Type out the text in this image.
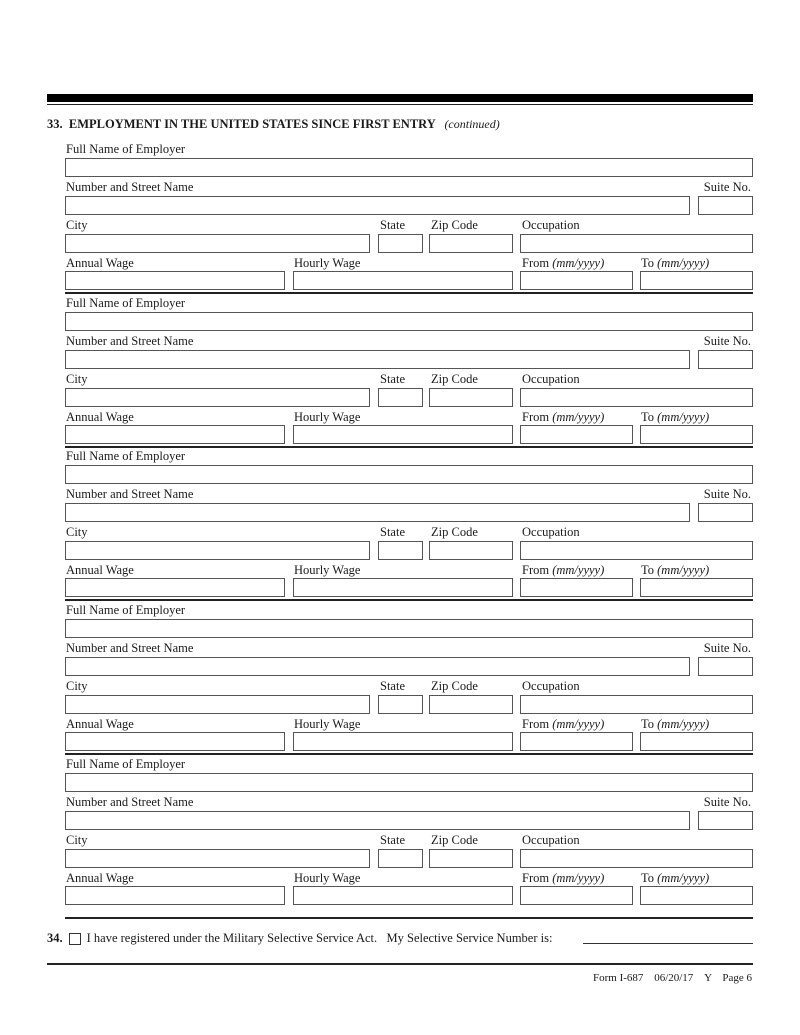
33. EMPLOYMENT IN THE UNITED STATES SINCE FIRST ENTRY (continued)
Full Name of Employer
Number and Street Name	Suite No.
City	State Zip Code	Occupation
Annual Wage	Hourly Wage	From (mm/yyyy)	To (mm/yyyy)
Full Name of Employer
Number and Street Name	Suite No.
City	State Zip Code	Occupation
Annual Wage	Hourly Wage	From (mm/yyyy)	To (mm/yyyy)
Full Name of Employer
Number and Street Name	Suite No.
City	State Zip Code	Occupation
Annual Wage	Hourly Wage	From (mm/yyyy)	To (mm/yyyy)
Full Name of Employer
Number and Street Name	Suite No.
City	State Zip Code	Occupation
Annual Wage	Hourly Wage	From (mm/yyyy)	To (mm/yyyy)
Full Name of Employer
Number and Street Name	Suite No.
City	State Zip Code	Occupation
Annual Wage	Hourly Wage	From (mm/yyyy)	To (mm/yyyy)
34. I have registered under the Military Selective Service Act.   My Selective Service Number is:
Form I-687 06/20/17 Y Page 6
